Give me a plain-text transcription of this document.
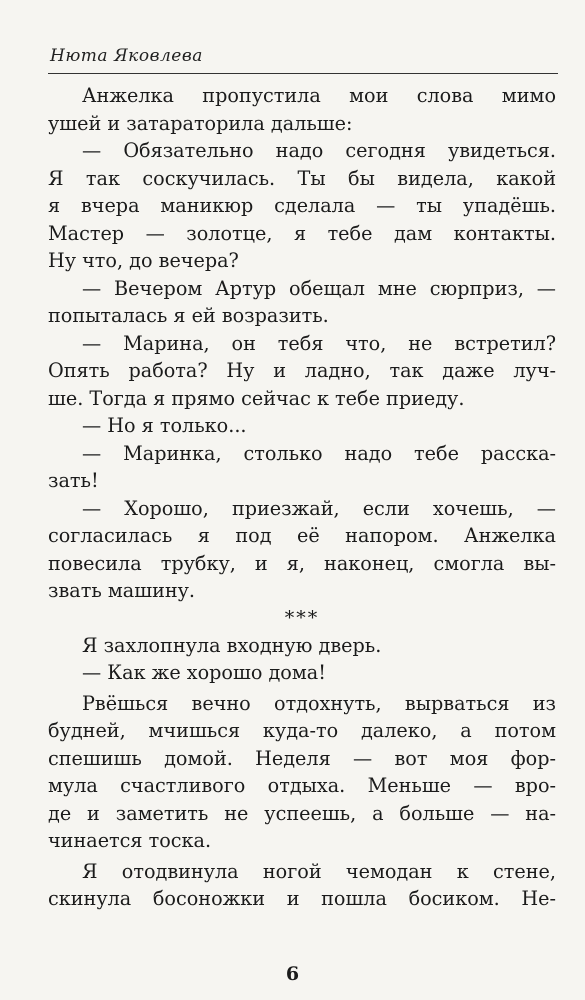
Нюта Яковлева
Анжелка пропустила мои слова мимо
ушей и затараторила дальше:
— Обязательно надо сегодня увидеться.
Я так соскучилась. Ты бы видела, какой
я вчера маникюр сделала — ты упадёшь.
Мастер — золотце, я тебе дам контакты.
Ну что, до вечера?
— Вечером Артур обещал мне сюрприз, —
попыталась я ей возразить.
— Марина, он тебя что, не встретил?
Опять работа? Ну и ладно, так даже луч-
ше. Тогда я прямо сейчас к тебе приеду.
— Но я только...
— Маринка, столько надо тебе расска-
зать!
— Хорошо, приезжай, если хочешь, —
согласилась я под её напором. Анжелка
повесила трубку, и я, наконец, смогла вы-
звать машину.
***
Я захлопнула входную дверь.
— Как же хорошо дома!
Рвёшься вечно отдохнуть, вырваться из
будней, мчишься куда-то далеко, а потом
спешишь домой. Неделя — вот моя фор-
мула счастливого отдыха. Меньше — вро-
де и заметить не успеешь, а больше — на-
чинается тоска.
Я отодвинула ногой чемодан к стене,
скинула босоножки и пошла босиком. Не-
6
